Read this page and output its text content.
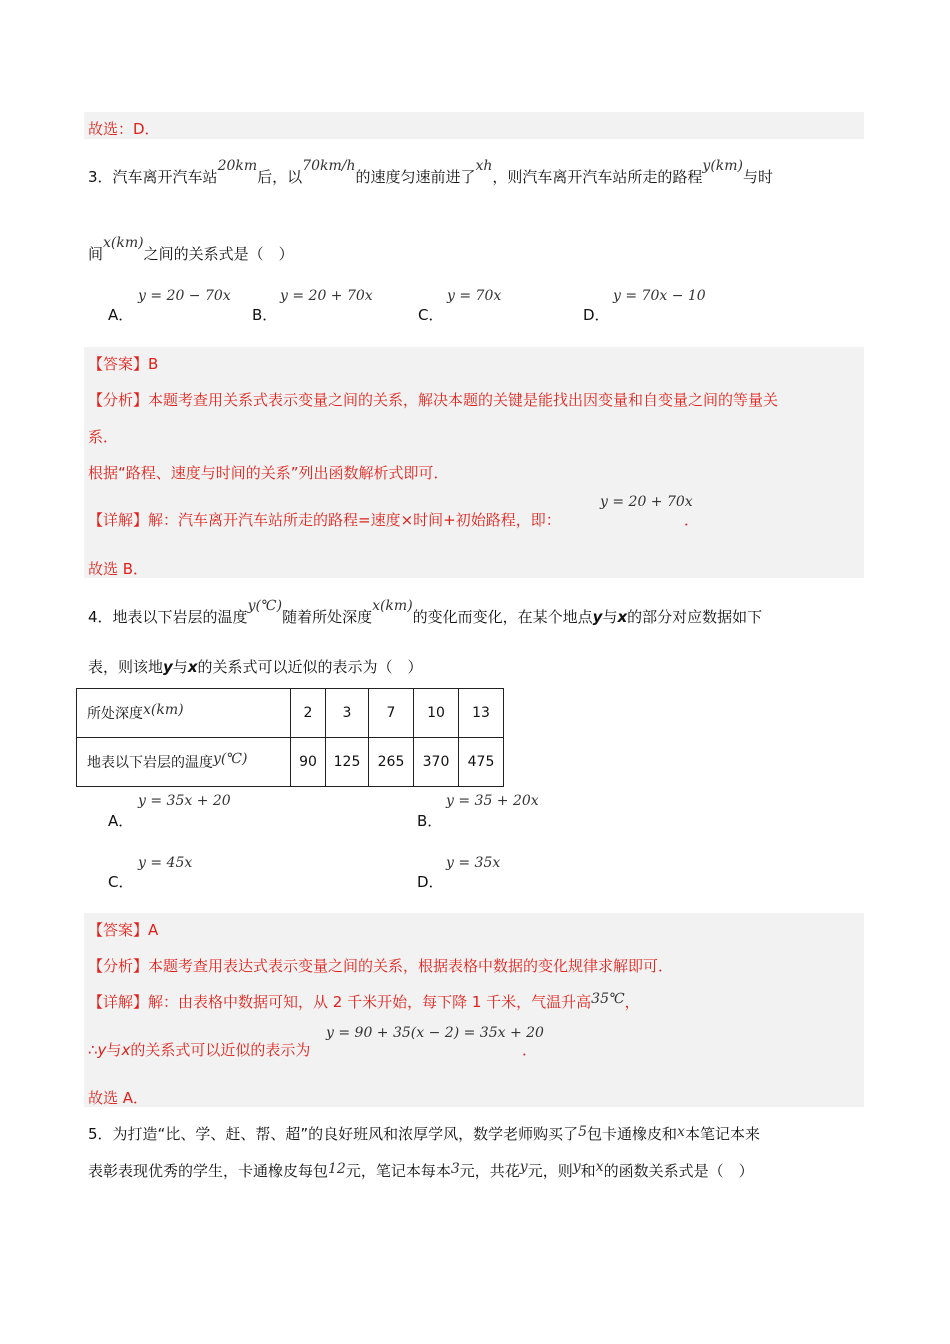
故选：D．
3．汽车离开汽车站20km后，以70km/h的速度匀速前进了xh，则汽车离开汽车站所走的路程y(km)与时
间x(km)之间的关系式是（　）
A．
y = 20 − 70x
B．
y = 20 + 70x
C．
y = 70x
D．
y = 70x − 10
【答案】B
【分析】本题考查用关系式表示变量之间的关系，解决本题的关键是能找出因变量和自变量之间的等量关
系．
根据“路程、速度与时间的关系”列出函数解析式即可．
【详解】解：汽车离开汽车站所走的路程=速度×时间+初始路程，即：
y = 20 + 70x
．
故选 B．
4．地表以下岩层的温度y(℃)随着所处深度x(km)的变化而变化，在某个地点y与x的部分对应数据如下
表，则该地y与x的关系式可以近似的表示为（　）
所处深度x(km)	2	3	7	10	13
地表以下岩层的温度y(℃)	90	125	265	370	475
A．
y = 35x + 20
B．
y = 35 + 20x
C．
y = 45x
D．
y = 35x
【答案】A
【分析】本题考查用表达式表示变量之间的关系，根据表格中数据的变化规律求解即可．
【详解】解：由表格中数据可知，从 2 千米开始，每下降 1 千米，气温升高35℃，
∴y与x的关系式可以近似的表示为
y = 90 + 35(x − 2) = 35x + 20
．
故选 A．
5．为打造“比、学、赶、帮、超”的良好班风和浓厚学风，数学老师购买了5包卡通橡皮和x本笔记本来
表彰表现优秀的学生，卡通橡皮每包12元，笔记本每本3元，共花y元，则y和x的函数关系式是（　）
